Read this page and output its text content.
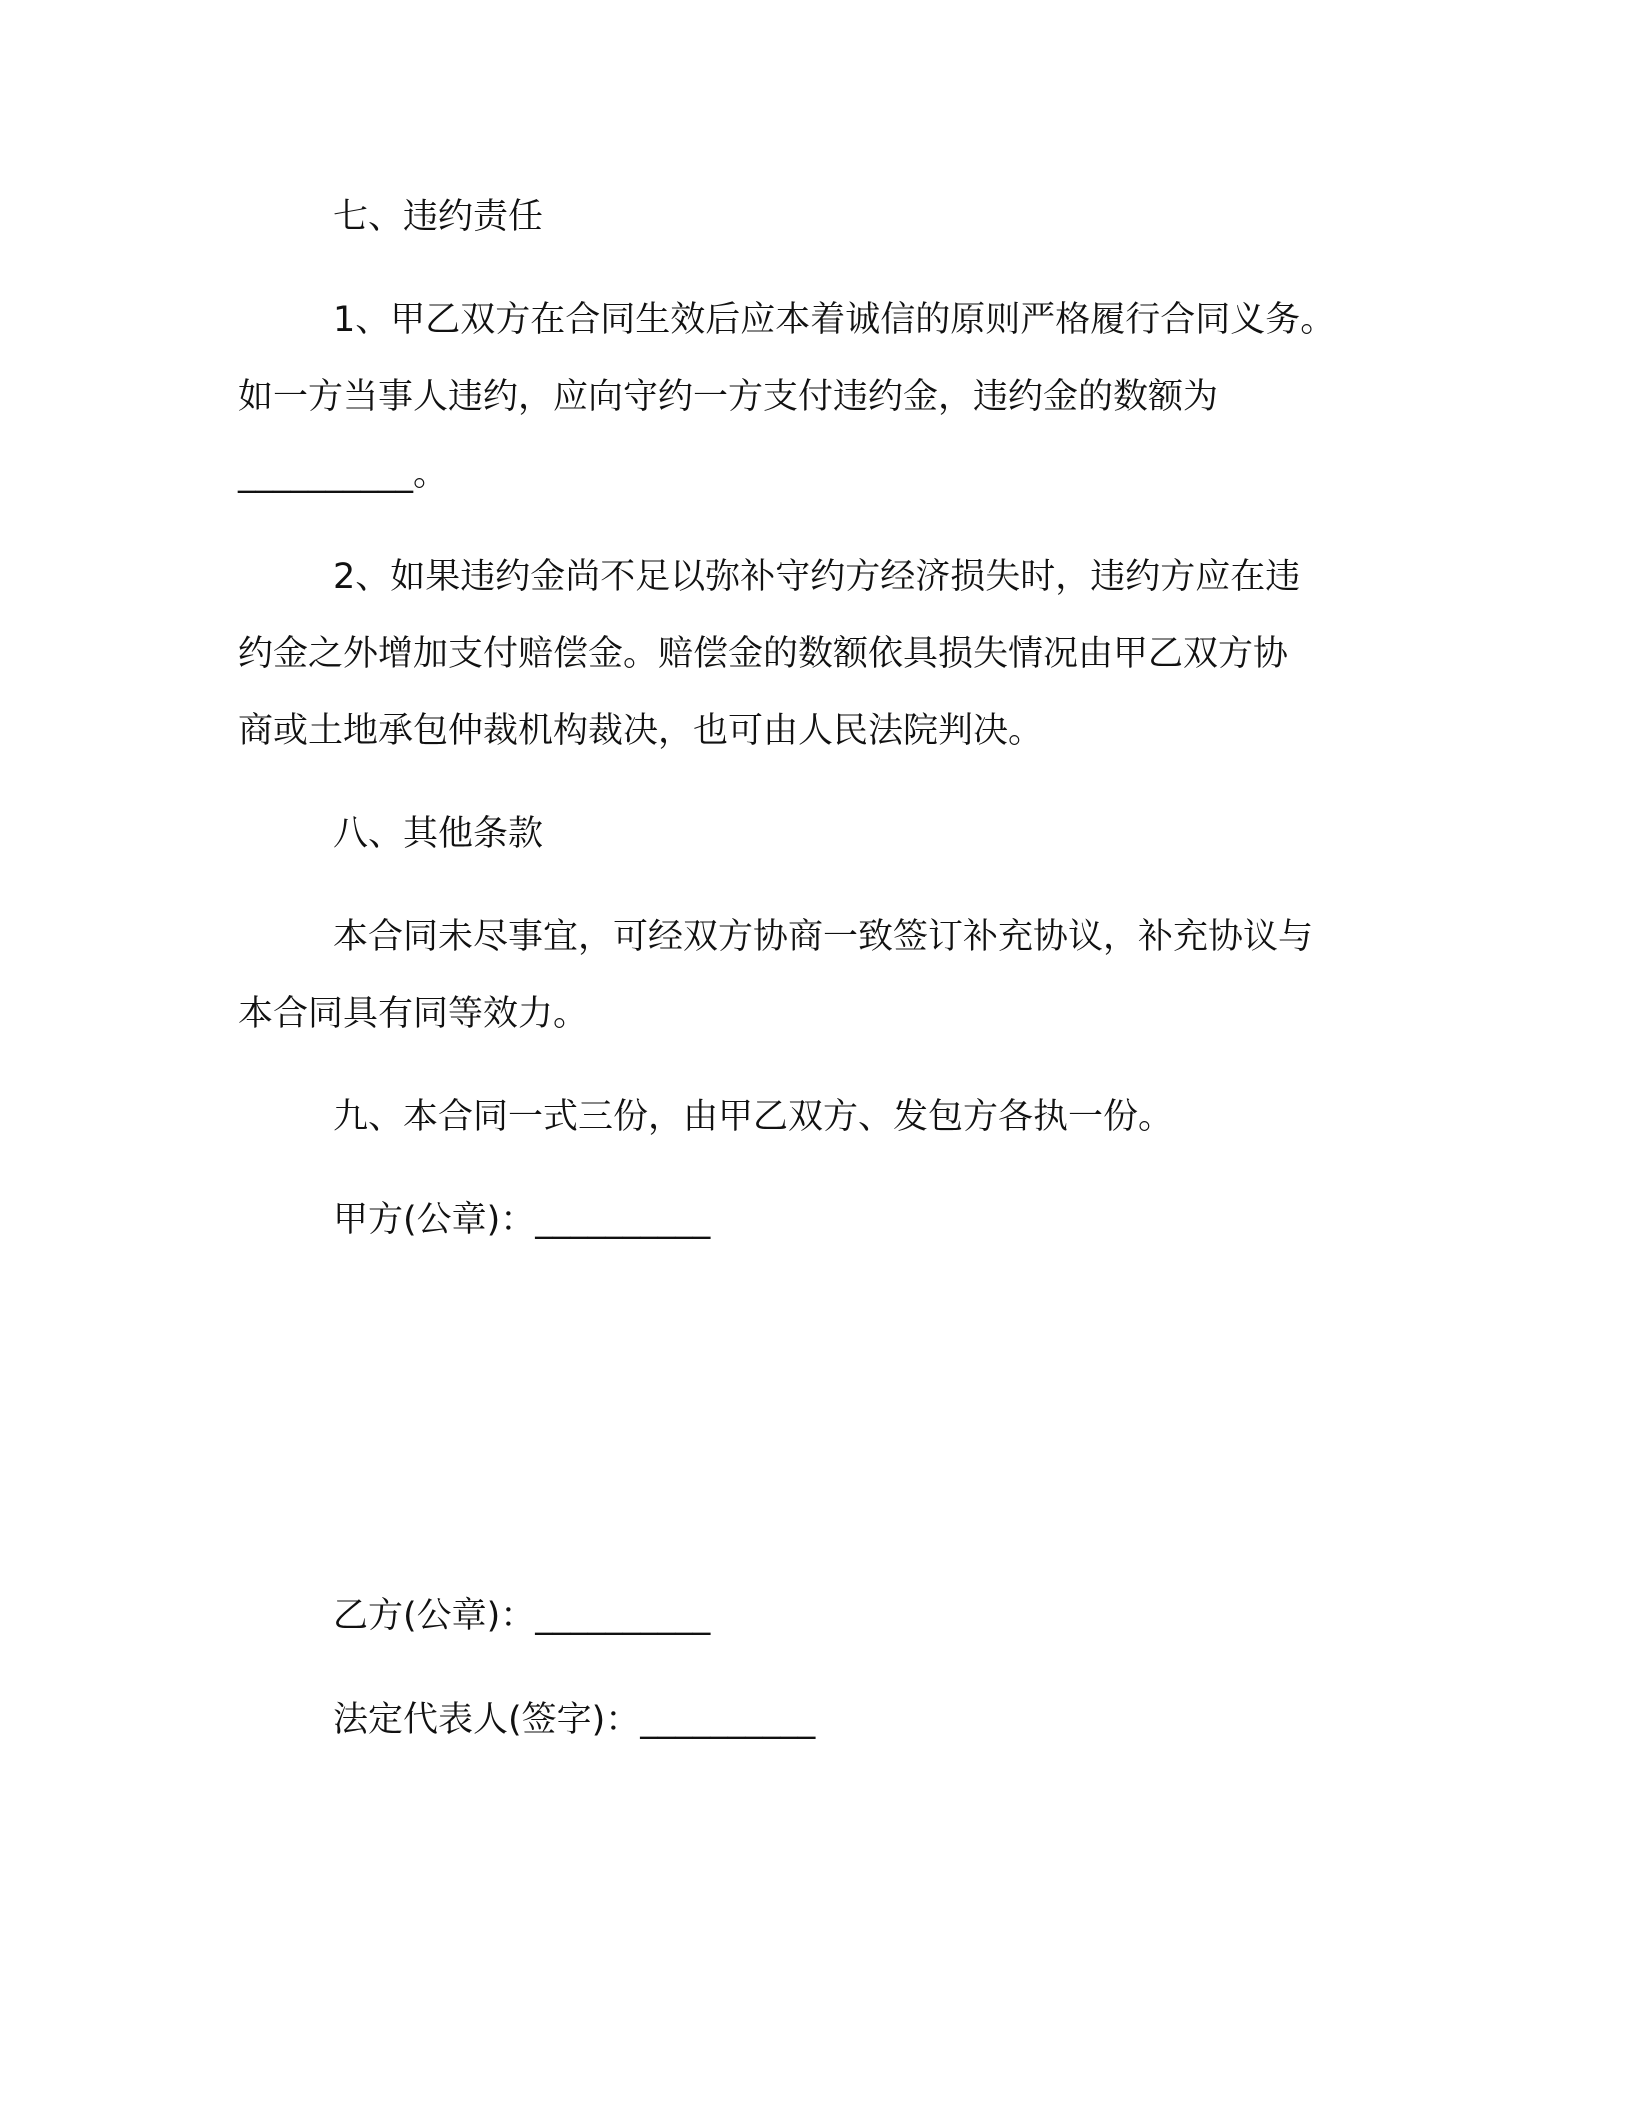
七、违约责任

1、甲乙双方在合同生效后应本着诚信的原则严格履行合同义务。

如一方当事人违约，应向守约一方支付违约金，违约金的数额为

__________。

2、如果违约金尚不足以弥补守约方经济损失时，违约方应在违

约金之外增加支付赔偿金。赔偿金的数额依具损失情况由甲乙双方协

商或土地承包仲裁机构裁决，也可由人民法院判决。

八、其他条款

本合同未尽事宜，可经双方协商一致签订补充协议，补充协议与

本合同具有同等效力。

九、本合同一式三份，由甲乙双方、发包方各执一份。

甲方(公章)：__________

乙方(公章)：__________

法定代表人(签字)：__________
